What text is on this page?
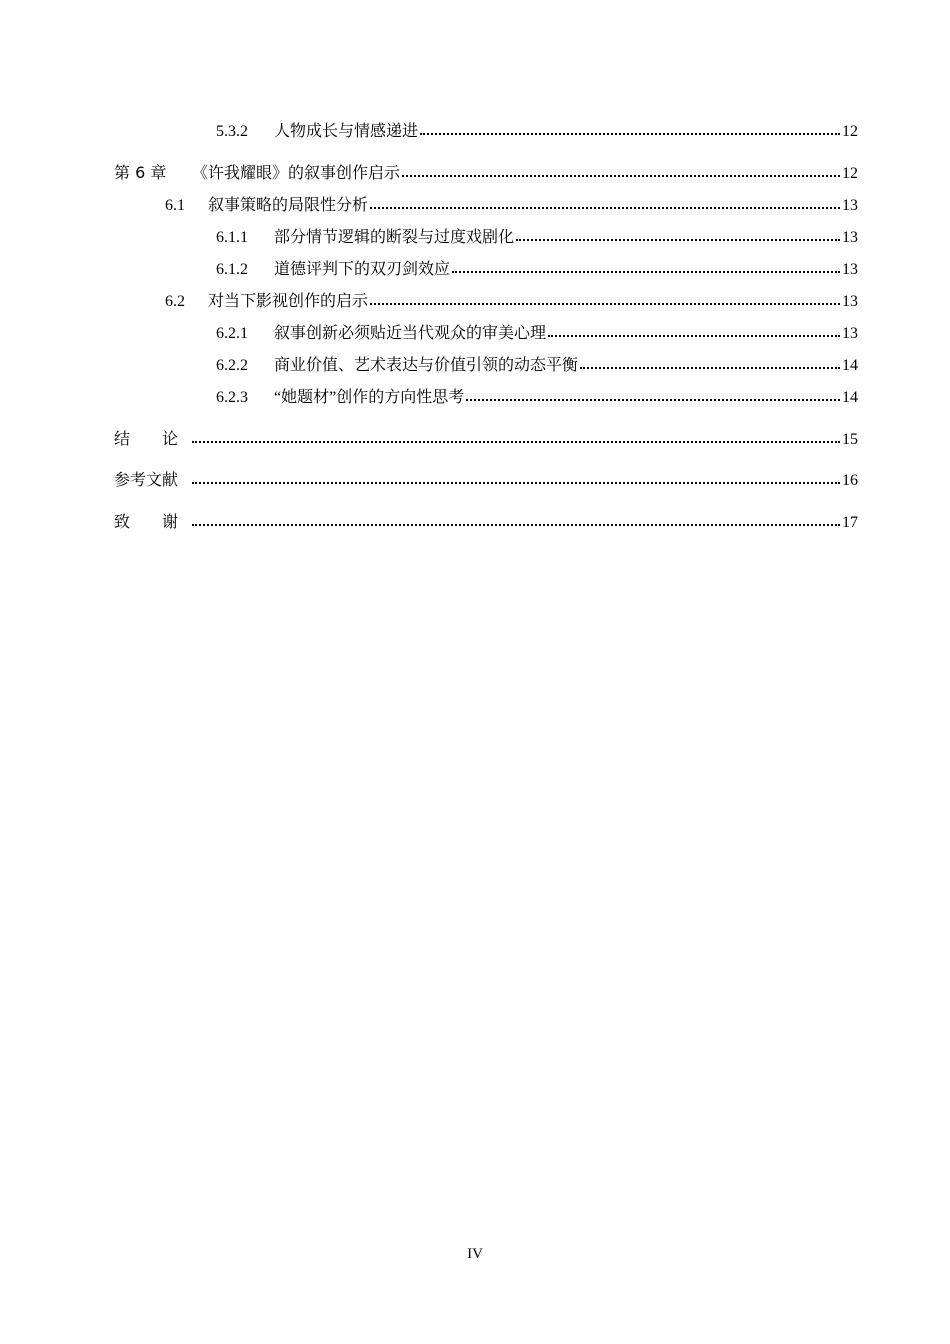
5.3.2	人物成长与情感递进	12
第 6 章	《许我耀眼》的叙事创作启示	12
6.1	叙事策略的局限性分析	13
6.1.1	部分情节逻辑的断裂与过度戏剧化	13
6.1.2	道德评判下的双刃剑效应	13
6.2	对当下影视创作的启示	13
6.2.1	叙事创新必须贴近当代观众的审美心理	13
6.2.2	商业价值、艺术表达与价值引领的动态平衡	14
6.2.3	“她题材”创作的方向性思考	14
结　　论	15
参考文献	16
致　　谢	17
IV
